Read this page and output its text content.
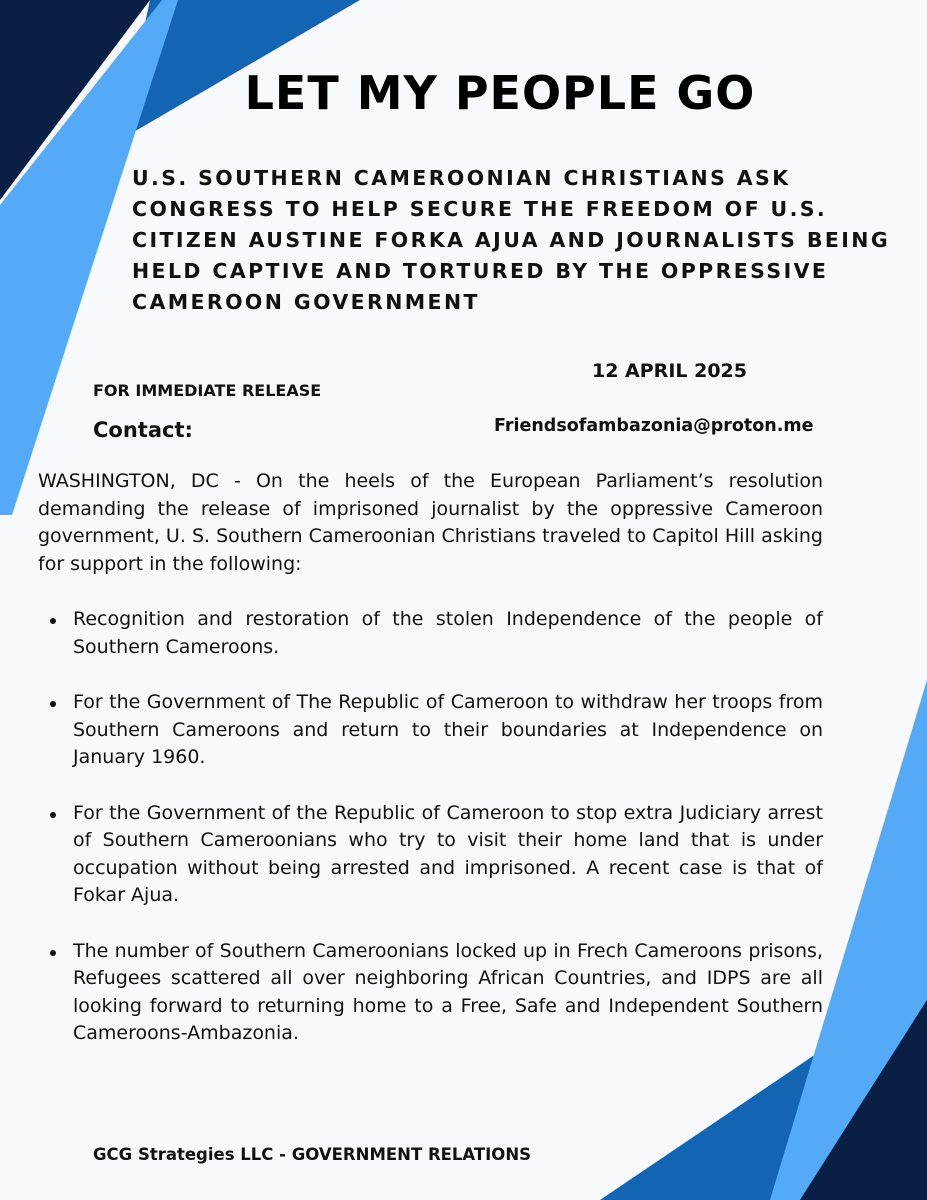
LET MY PEOPLE GO
U.S. SOUTHERN CAMEROONIAN CHRISTIANS ASK CONGRESS TO HELP SECURE THE FREEDOM OF U.S. CITIZEN AUSTINE FORKA AJUA AND JOURNALISTS BEING HELD CAPTIVE AND TORTURED BY THE OPPRESSIVE CAMEROON GOVERNMENT
12 APRIL 2025
FOR IMMEDIATE RELEASE
Contact:	Friendsofambazonia@proton.me

WASHINGTON, DC - On the heels of the European Parliament’s resolution demanding the release of imprisoned journalist by the oppressive Cameroon government, U. S. Southern Cameroonian Christians traveled to Capitol Hill asking for support in the following:

Recognition and restoration of the stolen Independence of the people of Southern Cameroons.
For the Government of The Republic of Cameroon to withdraw her troops from Southern Cameroons and return to their boundaries at Independence on January 1960.
For the Government of the Republic of Cameroon to stop extra Judiciary arrest of Southern Cameroonians who try to visit their home land that is under occupation without being arrested and imprisoned. A recent case is that of Fokar Ajua.
The number of Southern Cameroonians locked up in Frech Cameroons prisons, Refugees scattered all over neighboring African Countries, and IDPS are all looking forward to returning home to a Free, Safe and Independent Southern Cameroons-Ambazonia.
GCG Strategies LLC - GOVERNMENT RELATIONS
